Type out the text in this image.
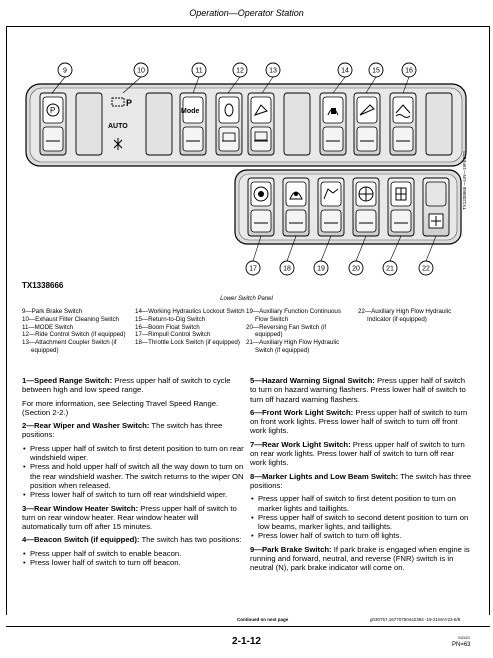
Operation—Operator Station
P
P
Mode
9	10	11	12	13	14	15	16
17	18	19	20	21	22
AUTO
TX1338666
TX1338666 —UN—19FEB23
Lower Switch Panel
9—Park Brake Switch
10—Exhaust Filter Cleaning Switch
11—MODE Switch
12—Ride Control Switch (if equipped)
13—Attachment Coupler Switch (if equipped)
14—Working Hydraulics Lockout Switch
15—Return-to-Dig Switch
16—Boom Float Switch
17—Rimpull Control Switch
18—Throttle Lock Switch (if equipped)
19—Auxiliary Function Continuous Flow Switch
20—Reversing Fan Switch (if equipped)
21—Auxiliary High Flow Hydraulic Switch (if equipped)
22—Auxiliary High Flow Hydraulic Indicator (if equipped)

1—Speed Range Switch: Press upper half of switch to cycle between high and low speed range.

For more information, see Selecting Travel Speed Range. (Section 2-2.)

2—Rear Wiper and Washer Switch: The switch has three positions:

• Press upper half of switch to first detent position to turn on rear windshield wiper.
• Press and hold upper half of switch all the way down to turn on the rear windshield washer. The switch returns to the wiper ON position when released.
• Press lower half of switch to turn off rear windshield wiper.

3—Rear Window Heater Switch: Press upper half of switch to turn on rear window heater. Rear window heater will automatically turn off after 15 minutes.

4—Beacon Switch (if equipped): The switch has two positions:

• Press upper half of switch to enable beacon.
• Press lower half of switch to turn off beacon.

5—Hazard Warning Signal Switch: Press upper half of switch to turn on hazard warning flashers. Press lower half of switch to turn off hazard warning flashers.

6—Front Work Light Switch: Press upper half of switch to turn on front work lights. Press lower half of switch to turn off front work lights.

7—Rear Work Light Switch: Press upper half of switch to turn on rear work lights. Press lower half of switch to turn off rear work lights.

8—Marker Lights and Low Beam Switch: The switch has three positions:

• Press upper half of switch to first detent position to turn on marker lights and taillights.
• Press upper half of switch to second detent position to turn on low beams, marker lights, and taillights.
• Press lower half of switch to turn off lights.

9—Park Brake Switch: If park brake is engaged when engine is running and forward, neutral, and reverse (FNR) switch is in neutral (N), park brake indicator will come on.

Continued on next page	gh30757,16770750442394 -19-21MAY23-6/8
2-1-12	042023
PN=63
